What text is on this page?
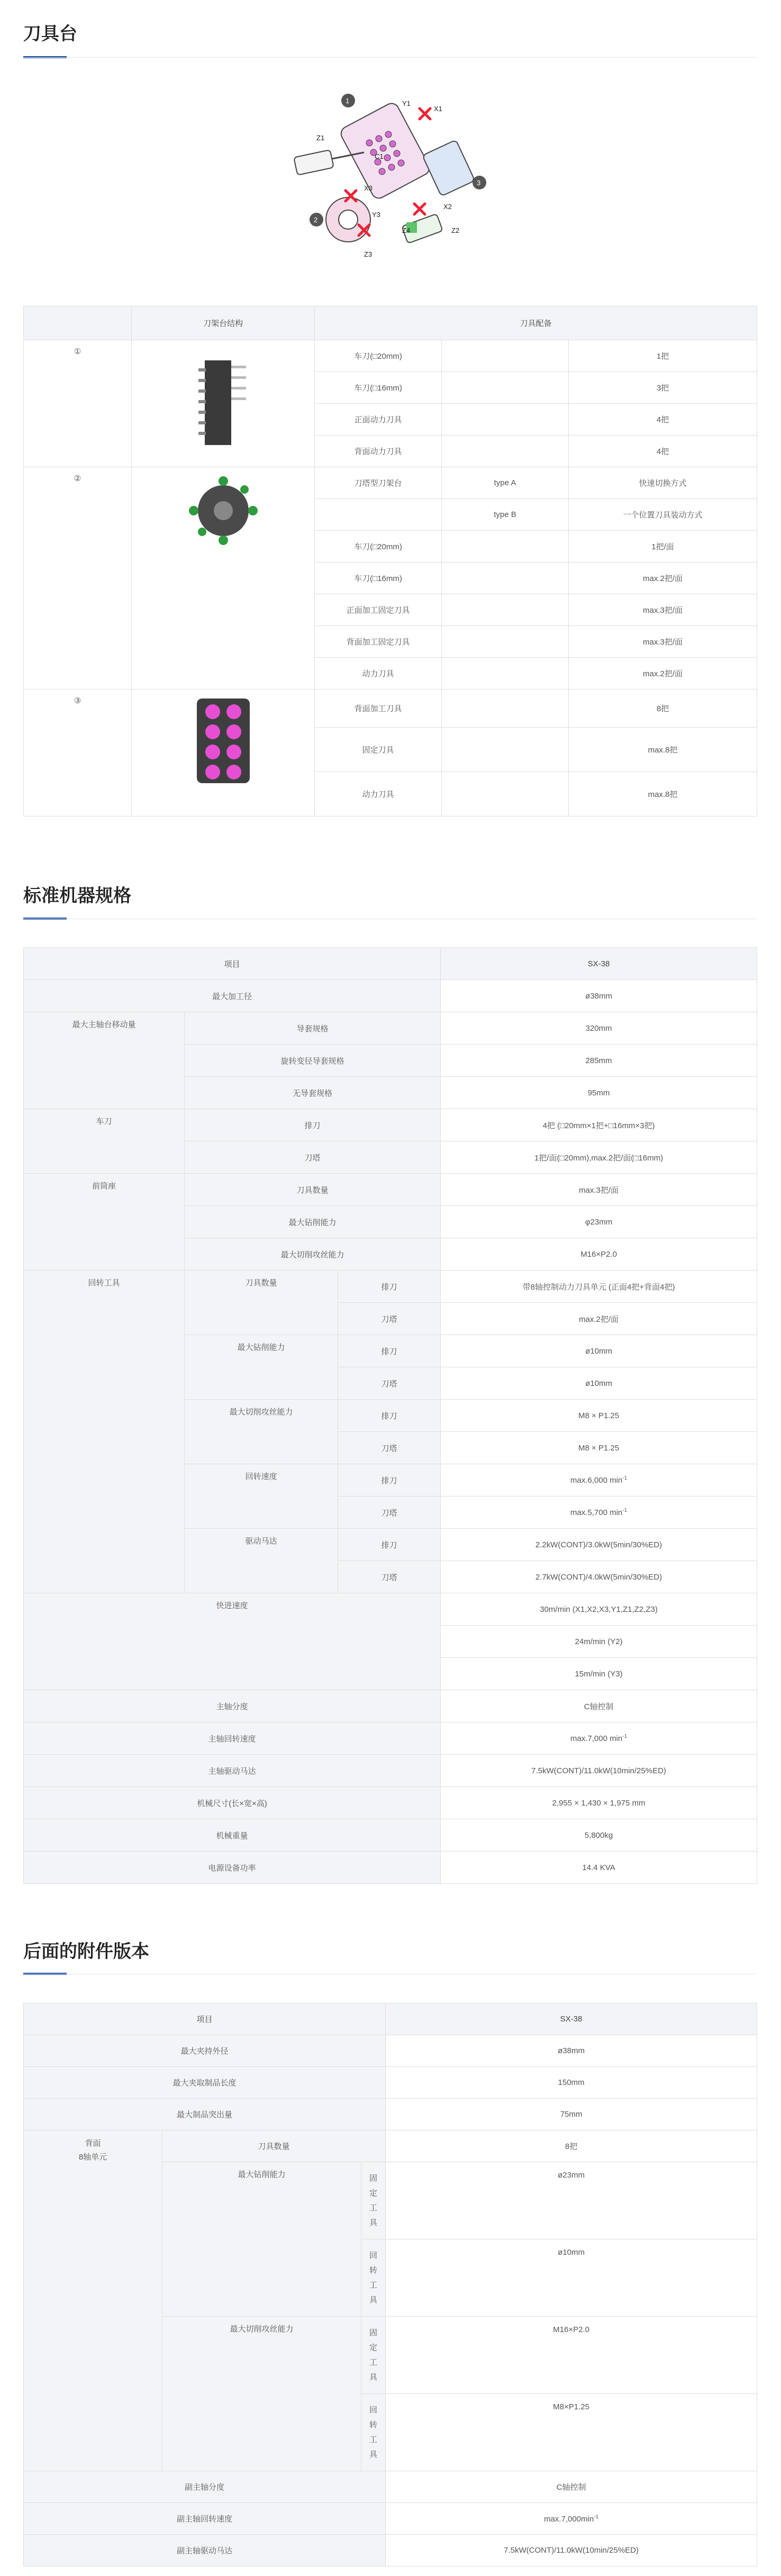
刀具台
1
2
3
Y1
X1
Z1
X3
Y3
Z3
X2
Z2
Z4
C1
	刀架台结构	刀具配备		
①		车刀(□20mm)		1把
		车刀(□16mm)		3把
		正面动力刀具		4把
		背面动力刀具		4把
②		刀塔型刀架台	type A	快速切换方式
			type B	一个位置刀具装动方式
		车刀(□20mm)		1把/面
		车刀(□16mm)		max.2把/面
		正面加工固定刀具		max.3把/面
		背面加工固定刀具		max.3把/面
		动力刀具		max.2把/面
③		背面加工刀具		8把
		固定刀具		max.8把
		动力刀具		max.8把
标准机器规格
项目			SX-38
最大加工径			ø38mm
最大主轴台移动量	导套规格		320mm
	旋转变径导套规格		285mm
	无导套规格		95mm
车刀	排刀		4把 (□20mm×1把+□16mm×3把)
	刀塔		1把/面(□20mm),max.2把/面(□16mm)
前筒座	刀具数量		max.3把/面
	最大钻削能力		φ23mm
	最大切削攻丝能力		M16×P2.0
回转工具	刀具数量	排刀	带8轴控制动力刀具单元 (正面4把+背面4把)
		刀塔	max.2把/面
	最大钻削能力	排刀	ø10mm
		刀塔	ø10mm
	最大切削攻丝能力	排刀	M8 × P1.25
		刀塔	M8 × P1.25
	回转速度	排刀	max.6,000 $\min^{-1}$
		刀塔	max.5,700 $\min^{-1}$
	驱动马达	排刀	2.2kW(CONT)/3.0kW(5min/30%ED)
		刀塔	2.7kW(CONT)/4.0kW(5min/30%ED)
快进速度			30m/min (X1,X2,X3,Y1,Z1,Z2,Z3)
			24m/min (Y2)
			15m/min (Y3)
主轴分度			C轴控制
主轴回转速度			max.7,000 $\min^{-1}$
主轴驱动马达			7.5kW(CONT)/11.0kW(10min/25%ED)
机械尺寸(长×宽×高)			2,955 × 1,430 × 1,975 mm
机械重量			5,800kg
电源设备功率			14.4 KVA
后面的附件版本
项目			SX-38
最大夹持外径			ø38mm
最大夹取制品长度			150mm
最大制品突出量			75mm
背面
8轴单元	刀具数量		8把
	最大钻削能力	固定工具	ø23mm
		回转工具	ø10mm
	最大切削攻丝能力	固定工具	M16×P2.0
		回转工具	M8×P1.25
副主轴分度			C轴控制
副主轴回转速度			$\max.7,000\min^{-1}$
副主轴驱动马达			7.5kW(CONT)/11.0kW(10min/25%ED)
